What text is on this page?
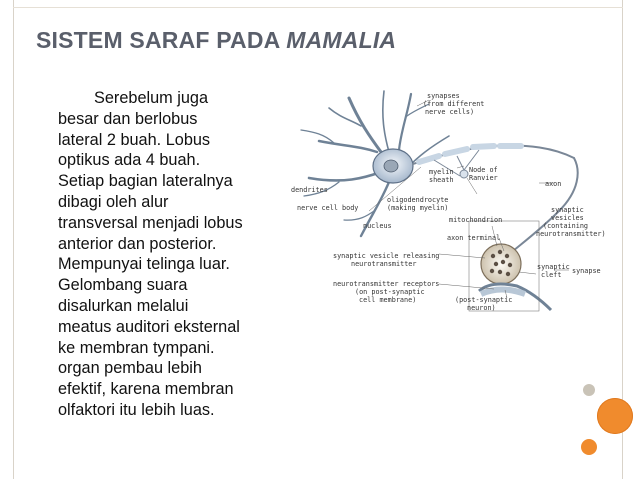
SISTEM SARAF PADA MAMALIA
Serebelum juga
besar dan berlobus
lateral 2 buah. Lobus
optikus ada 4 buah.
Setiap bagian lateralnya
dibagi oleh alur
transversal menjadi lobus
anterior dan posterior.
Mempunyai telinga luar.
Gelombang suara
disalurkan melalui
meatus auditori eksternal
ke membran tympani.
organ pembau lebih
efektif, karena membran
olfaktori itu lebih luas.
synapses
(from different
nerve cells)
dendrites
myelin
sheath
Node of
Ranvier
axon
oligodendrocyte
(making myelin)
nerve cell body
nucleus
synaptic
vesicles
(containing
neurotransmitter)
mitochondrion
axon terminal
synaptic vesicle releasing
neurotransmitter	synaptic
cleft synapse
neurotransmitter receptors
(on post-synaptic
cell membrane)	(post-synaptic
neuron)
